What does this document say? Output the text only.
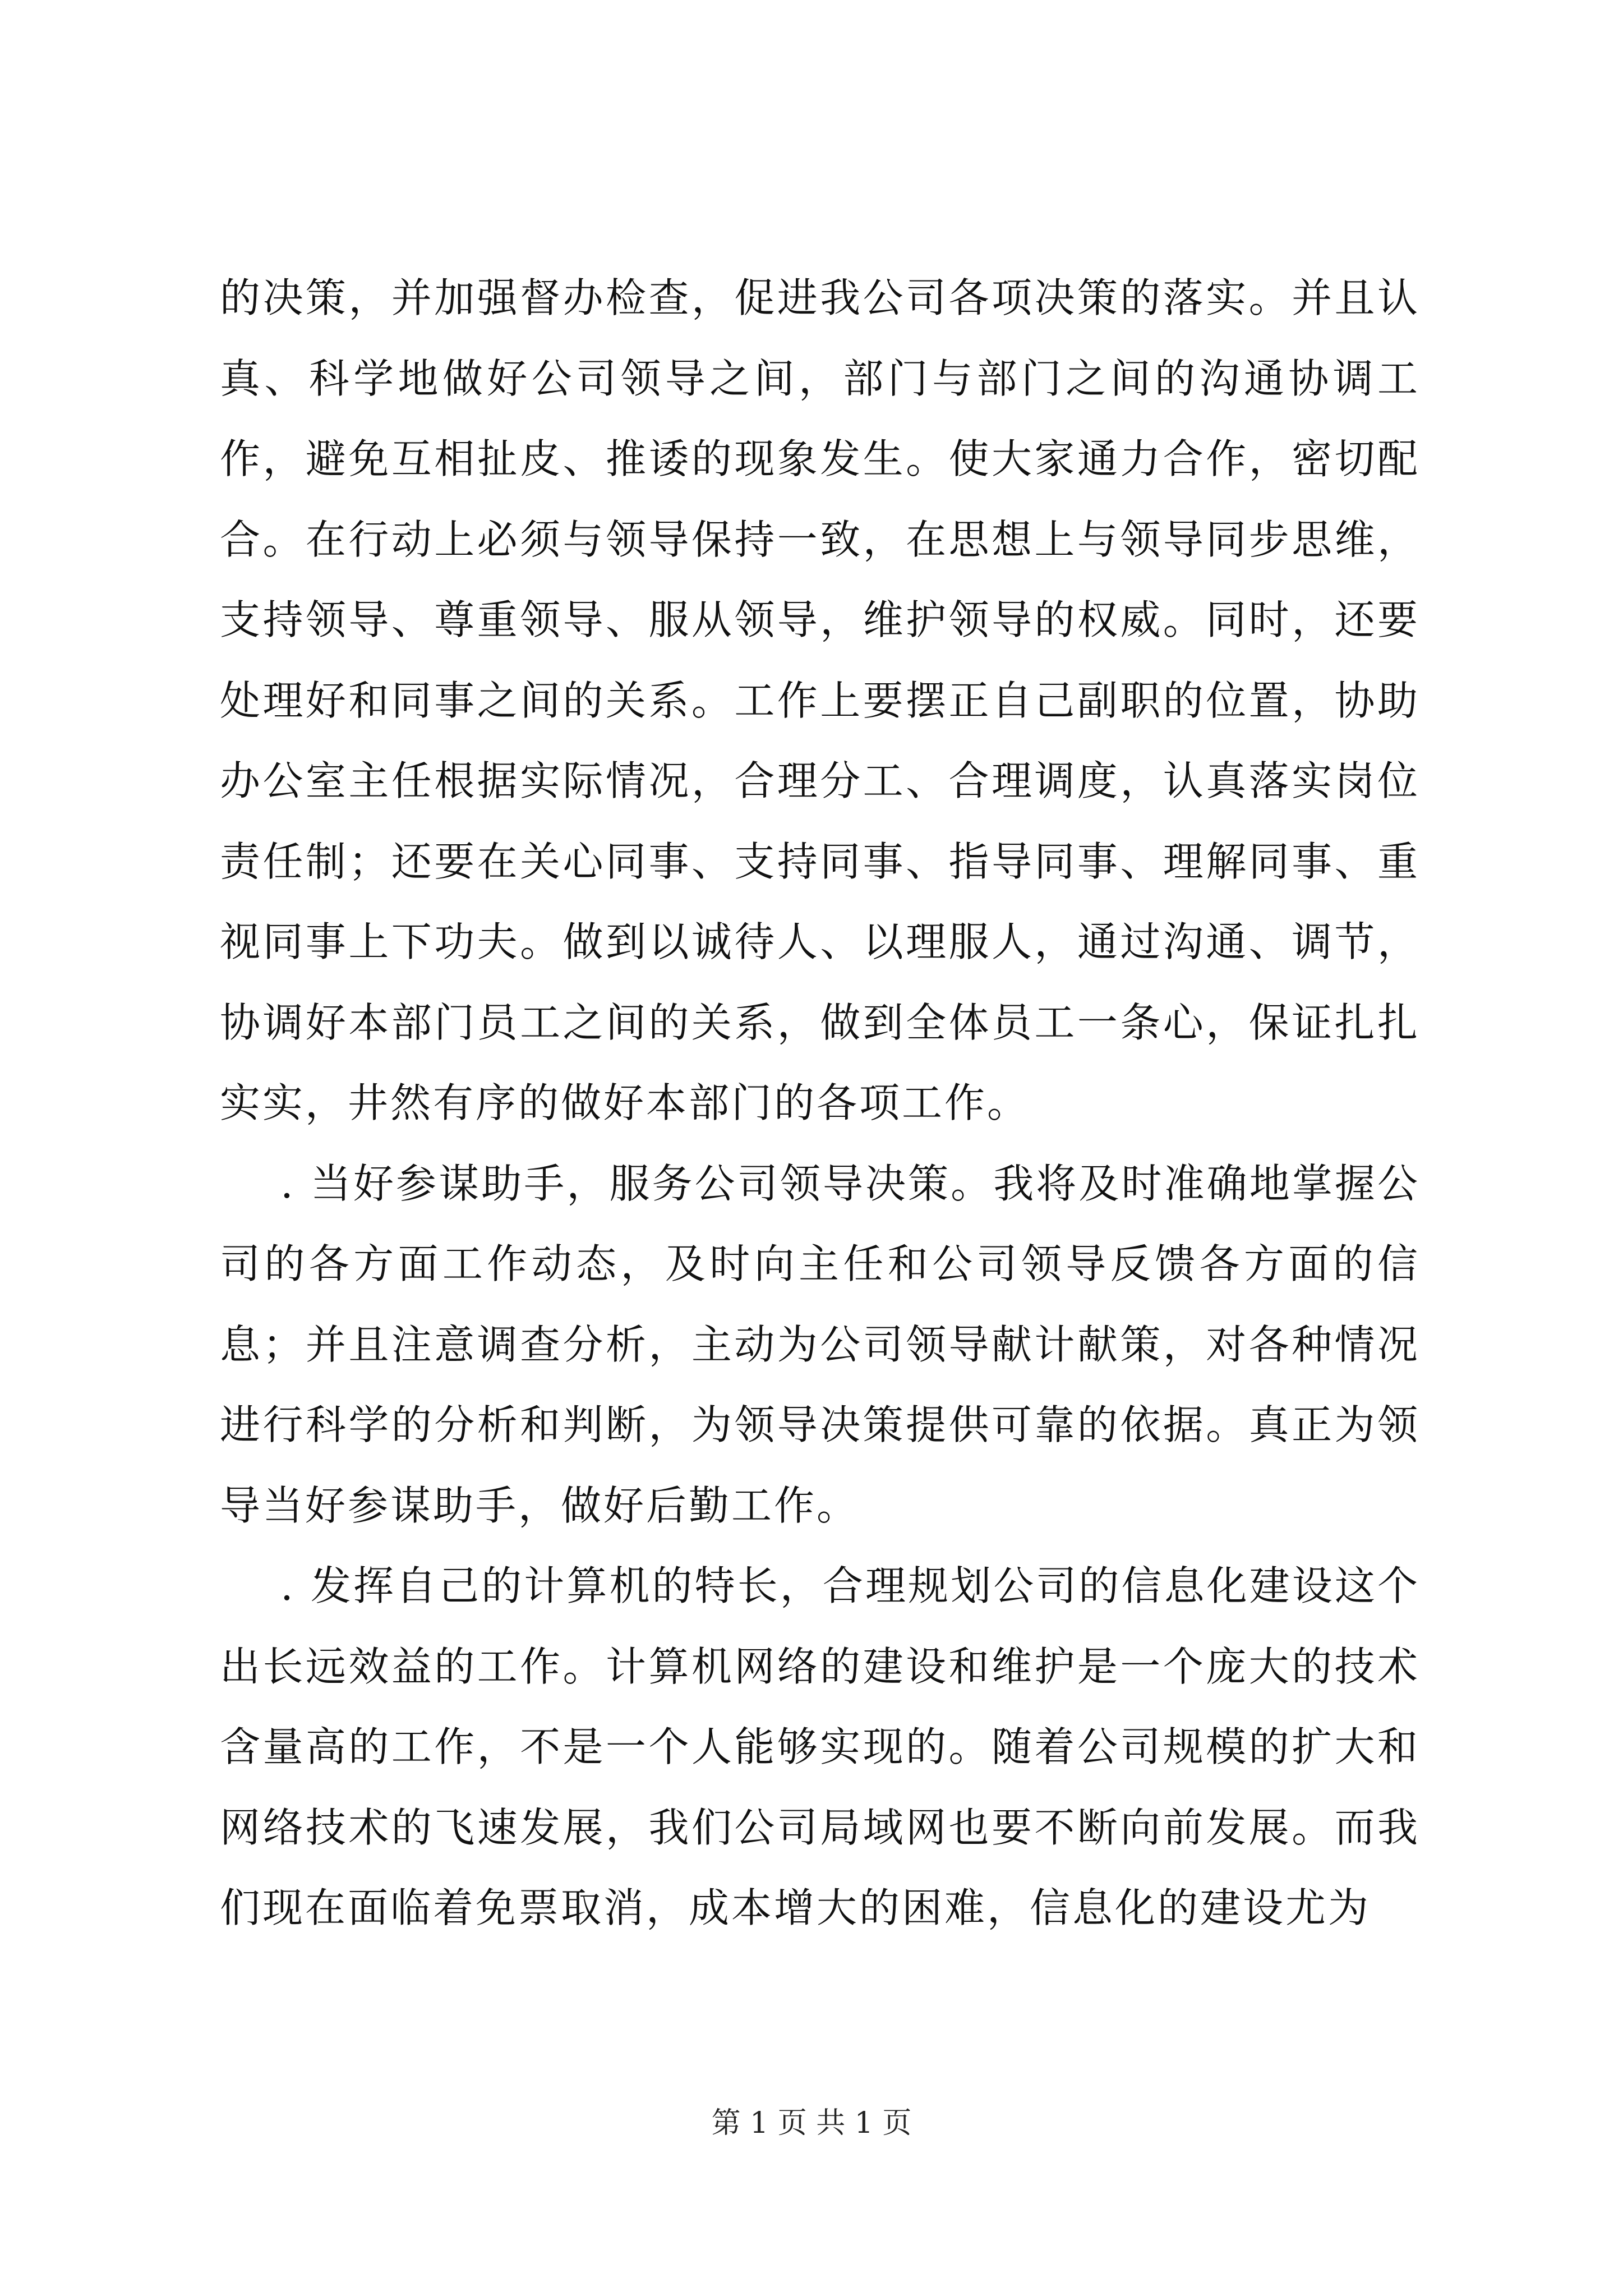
的决策，并加强督办检查，促进我公司各项决策的落实。并且认真、科学地做好公司领导之间，部门与部门之间的沟通协调工作，避免互相扯皮、推诿的现象发生。使大家通力合作，密切配合。在行动上必须与领导保持一致，在思想上与领导同步思维，支持领导、尊重领导、服从领导，维护领导的权威。同时，还要处理好和同事之间的关系。工作上要摆正自己副职的位置，协助办公室主任根据实际情况，合理分工、合理调度，认真落实岗位责任制；还要在关心同事、支持同事、指导同事、理解同事、重视同事上下功夫。做到以诚待人、以理服人，通过沟通、调节，协调好本部门员工之间的关系，做到全体员工一条心，保证扎扎实实，井然有序的做好本部门的各项工作。

. 当好参谋助手，服务公司领导决策。我将及时准确地掌握公司的各方面工作动态，及时向主任和公司领导反馈各方面的信息；并且注意调查分析，主动为公司领导献计献策，对各种情况进行科学的分析和判断，为领导决策提供可靠的依据。真正为领导当好参谋助手，做好后勤工作。

. 发挥自己的计算机的特长，合理规划公司的信息化建设这个出长远效益的工作。计算机网络的建设和维护是一个庞大的技术含量高的工作，不是一个人能够实现的。随着公司规模的扩大和网络技术的飞速发展，我们公司局域网也要不断向前发展。而我们现在面临着免票取消，成本增大的困难，信息化的建设尤为

第 1 页 共 1 页
